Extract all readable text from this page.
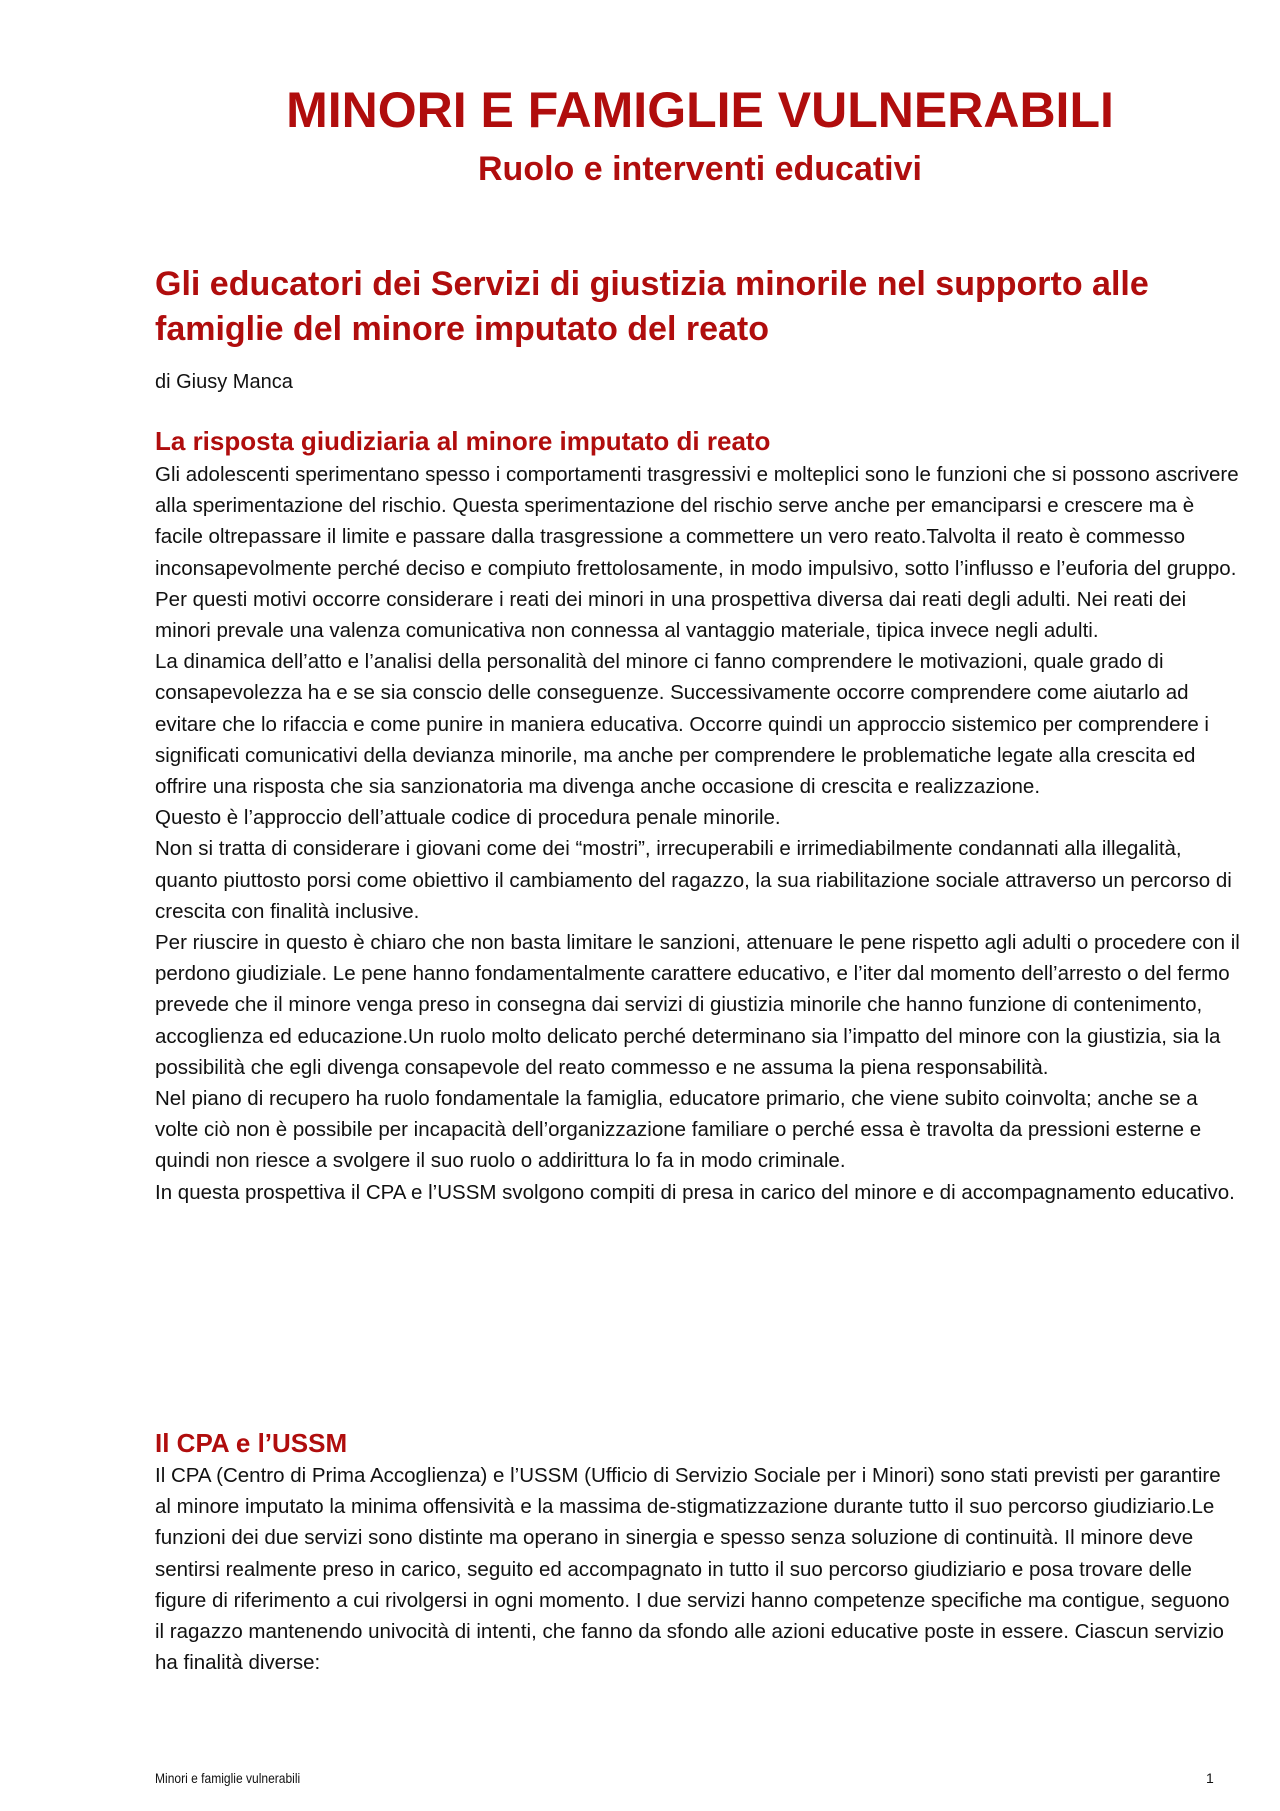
MINORI E FAMIGLIE VULNERABILI
Ruolo e interventi educativi
Gli educatori dei Servizi di giustizia minorile nel supporto alle famiglie del minore imputato del reato

di Giusy Manca

La risposta giudiziaria al minore imputato di reato

Gli adolescenti sperimentano spesso i comportamenti trasgressivi e molteplici sono le funzioni che si possono ascrivere alla sperimentazione del rischio. Questa sperimentazione del rischio serve anche per emanciparsi e crescere ma è facile oltrepassare il limite e passare dalla trasgressione a commettere un vero reato.Talvolta il reato è commesso inconsapevolmente perché deciso e compiuto frettolosamente, in modo impulsivo, sotto l’influsso e l’euforia del gruppo.

Per questi motivi occorre considerare i reati dei minori in una prospettiva diversa dai reati degli adulti. Nei reati dei minori prevale una valenza comunicativa non connessa al vantaggio materiale, tipica invece negli adulti.

La dinamica dell’atto e l’analisi della personalità del minore ci fanno comprendere le motivazioni, quale grado di consapevolezza ha e se sia conscio delle conseguenze. Successivamente occorre comprendere come aiutarlo ad evitare che lo rifaccia e come punire in maniera educativa. Occorre quindi un approccio sistemico per comprendere i significati comunicativi della devianza minorile, ma anche per comprendere le problematiche legate alla crescita ed offrire una risposta che sia sanzionatoria ma divenga anche occasione di crescita e realizzazione.

Questo è l’approccio dell’attuale codice di procedura penale minorile.

Non si tratta di considerare i giovani come dei “mostri”, irrecuperabili e irrimediabilmente condannati alla illegalità, quanto piuttosto porsi come obiettivo il cambiamento del ragazzo, la sua riabilitazione sociale attraverso un percorso di crescita con finalità inclusive.

Per riuscire in questo è chiaro che non basta limitare le sanzioni, attenuare le pene rispetto agli adulti o procedere con il perdono giudiziale. Le pene hanno fondamentalmente carattere educativo, e l’iter dal momento dell’arresto o del fermo prevede che il minore venga preso in consegna dai servizi di giustizia minorile che hanno funzione di contenimento, accoglienza ed educazione.Un ruolo molto delicato perché determinano sia l’impatto del minore con la giustizia, sia la possibilità che egli divenga consapevole del reato commesso e ne assuma la piena responsabilità.

Nel piano di recupero ha ruolo fondamentale la famiglia, educatore primario, che viene subito coinvolta; anche se a volte ciò non è possibile per incapacità dell’organizzazione familiare o perché essa è travolta da pressioni esterne e quindi non riesce a svolgere il suo ruolo o addirittura lo fa in modo criminale.

In questa prospettiva il CPA e l’USSM svolgono compiti di presa in carico del minore e di accompagnamento educativo.

Il CPA e l’USSM

Il CPA (Centro di Prima Accoglienza) e l’USSM (Ufficio di Servizio Sociale per i Minori) sono stati previsti per garantire al minore imputato la minima offensività e la massima de-stigmatizzazione durante tutto il suo percorso giudiziario.Le funzioni dei due servizi sono distinte ma operano in sinergia e spesso senza soluzione di continuità. Il minore deve sentirsi realmente preso in carico, seguito ed accompagnato in tutto il suo percorso giudiziario e posa trovare delle figure di riferimento a cui rivolgersi in ogni momento. I due servizi hanno competenze specifiche ma contigue, seguono il ragazzo mantenendo univocità di intenti, che fanno da sfondo alle azioni educative poste in essere. Ciascun servizio ha finalità diverse:

Minori e famiglie vulnerabili	1
